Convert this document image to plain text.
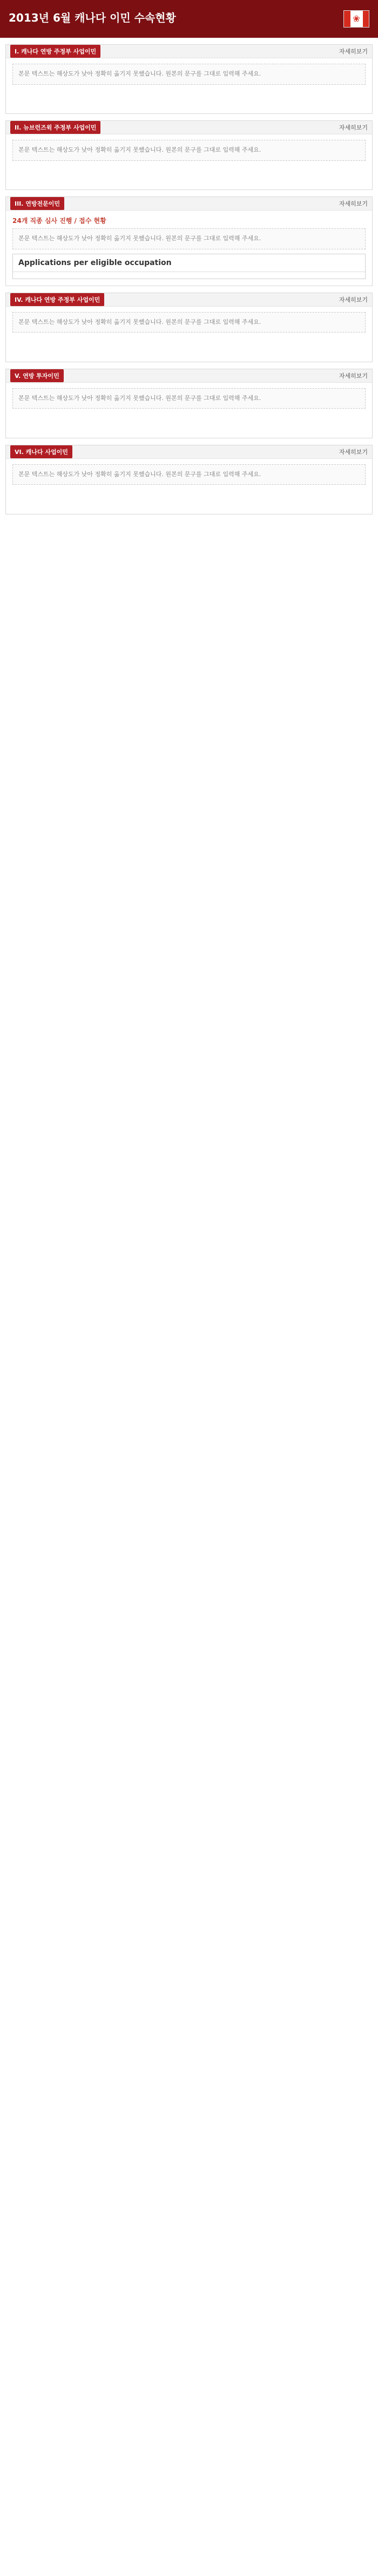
2013년 6월 캐나다 이민 수속현황	❀
I. 캐나다 연방 주정부 사업이민	자세히보기
본문 텍스트는 해상도가 낮아 정확히 옮기지 못했습니다. 원본의 문구를 그대로 입력해 주세요.
II. 뉴브런즈윅 주정부 사업이민	자세히보기
본문 텍스트는 해상도가 낮아 정확히 옮기지 못했습니다. 원본의 문구를 그대로 입력해 주세요.
III. 연방전문이민	자세히보기
24개 직종 심사 진행 / 접수 현황
본문 텍스트는 해상도가 낮아 정확히 옮기지 못했습니다. 원본의 문구를 그대로 입력해 주세요.
Applications per eligible occupation
IV. 캐나다 연방 주정부 사업이민	자세히보기
본문 텍스트는 해상도가 낮아 정확히 옮기지 못했습니다. 원본의 문구를 그대로 입력해 주세요.
V. 연방 투자이민	자세히보기
본문 텍스트는 해상도가 낮아 정확히 옮기지 못했습니다. 원본의 문구를 그대로 입력해 주세요.
VI. 캐나다 사업이민	자세히보기
본문 텍스트는 해상도가 낮아 정확히 옮기지 못했습니다. 원본의 문구를 그대로 입력해 주세요.
